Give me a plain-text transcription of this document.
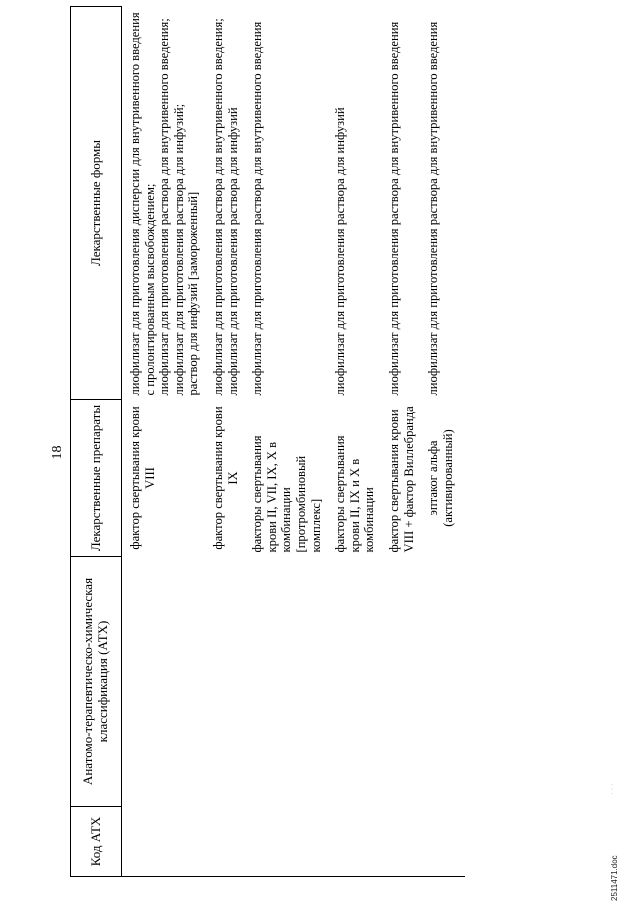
18
Код АТХ	Анатомо-терапевтическо-химическая классификация (АТХ)	Лекарственные препараты	Лекарственные формы
		фактор свертывания крови VIII	лиофилизат для приготовления дисперсии для внутривенного введения с пролонгированным высвобождением; лиофилизат для приготовления раствора для внутривенного введения; лиофилизат для приготовления раствора для инфузий; раствор для инфузий [замороженный]

		фактор свертывания крови IX	лиофилизат для приготовления раствора для внутривенного введения; лиофилизат для приготовления раствора для инфузий

		факторы свертывания крови II, VII, IX, X в комбинации [протромбиновый комплекс]	лиофилизат для приготовления раствора для внутривенного введения

		факторы свертывания крови II, IX и X в комбинации	лиофилизат для приготовления раствора для инфузий

		фактор свертывания крови VIII + фактор Виллебранда	лиофилизат для приготовления раствора для внутривенного введения

		эптаког альфа (активированный)	лиофилизат для приготовления раствора для внутривенного введения
· · ·
2511471.doc
